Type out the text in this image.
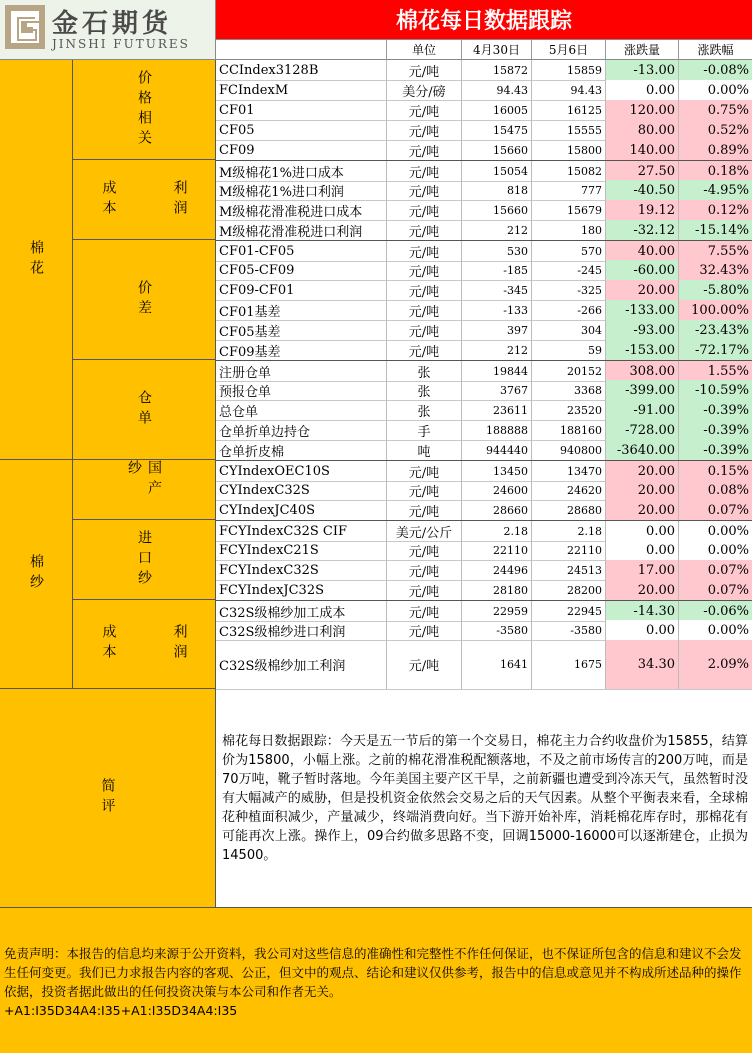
金石期货
JINSHI FUTURES
棉花每日数据跟踪
单位	4月30日	5月6日	涨跌量	涨跌幅
棉花
价格相关
成本	利润
价差
仓单
棉纱
国产纱
进口纱
成本	利润
简评
CCIndex3128B	元/吨	15872	15859	-13.00	-0.08%
FCIndexM	美分/磅	94.43	94.43	0.00	0.00%
CF01	元/吨	16005	16125	120.00	0.75%
CF05	元/吨	15475	15555	80.00	0.52%
CF09	元/吨	15660	15800	140.00	0.89%
M级棉花1%进口成本	元/吨	15054	15082	27.50	0.18%
M级棉花1%进口利润	元/吨	818	777	-40.50	-4.95%
M级棉花滑准税进口成本	元/吨	15660	15679	19.12	0.12%
M级棉花滑准税进口利润	元/吨	212	180	-32.12	-15.14%
CF01-CF05	元/吨	530	570	40.00	7.55%
CF05-CF09	元/吨	-185	-245	-60.00	32.43%
CF09-CF01	元/吨	-345	-325	20.00	-5.80%
CF01基差	元/吨	-133	-266	-133.00	100.00%
CF05基差	元/吨	397	304	-93.00	-23.43%
CF09基差	元/吨	212	59	-153.00	-72.17%
注册仓单	张	19844	20152	308.00	1.55%
预报仓单	张	3767	3368	-399.00	-10.59%
总仓单	张	23611	23520	-91.00	-0.39%
仓单折单边持仓	手	188888	188160	-728.00	-0.39%
仓单折皮棉	吨	944440	940800	-3640.00	-0.39%
CYIndexOEC10S	元/吨	13450	13470	20.00	0.15%
CYIndexC32S	元/吨	24600	24620	20.00	0.08%
CYIndexJC40S	元/吨	28660	28680	20.00	0.07%
FCYIndexC32S CIF	美元/公斤	2.18	2.18	0.00	0.00%
FCYIndexC21S	元/吨	22110	22110	0.00	0.00%
FCYIndexC32S	元/吨	24496	24513	17.00	0.07%
FCYIndexJC32S	元/吨	28180	28200	20.00	0.07%
C32S级棉纱加工成本	元/吨	22959	22945	-14.30	-0.06%
C32S级棉纱进口利润	元/吨	-3580	-3580	0.00	0.00%
C32S级棉纱加工利润	元/吨	1641	1675	34.30	2.09%

棉花每日数据跟踪：今天是五一节后的第一个交易日，棉花主力合约收盘价为15855，结算价为15800，小幅上涨。之前的棉花滑准税配额落地，不及之前市场传言的200万吨，而是70万吨，靴子暂时落地。今年美国主要产区干旱，之前新疆也遭受到冷冻天气，虽然暂时没有大幅减产的威胁，但是投机资金依然会交易之后的天气因素。从整个平衡表来看，全球棉花种植面积减少，产量减少，终端消费向好。当下游开始补库，消耗棉花库存时，那棉花有可能再次上涨。操作上，09合约做多思路不变，回调15000-16000可以逐渐建仓，止损为14500。

免责声明：本报告的信息均来源于公开资料，我公司对这些信息的准确性和完整性不作任何保证，也不保证所包含的信息和建议不会发生任何变更。我们已力求报告内容的客观、公正，但文中的观点、结论和建议仅供参考，报告中的信息或意见并不构成所述品种的操作依据，投资者据此做出的任何投资决策与本公司和作者无关。

+A1:I35D34A4:I35+A1:I35D34A4:I35
